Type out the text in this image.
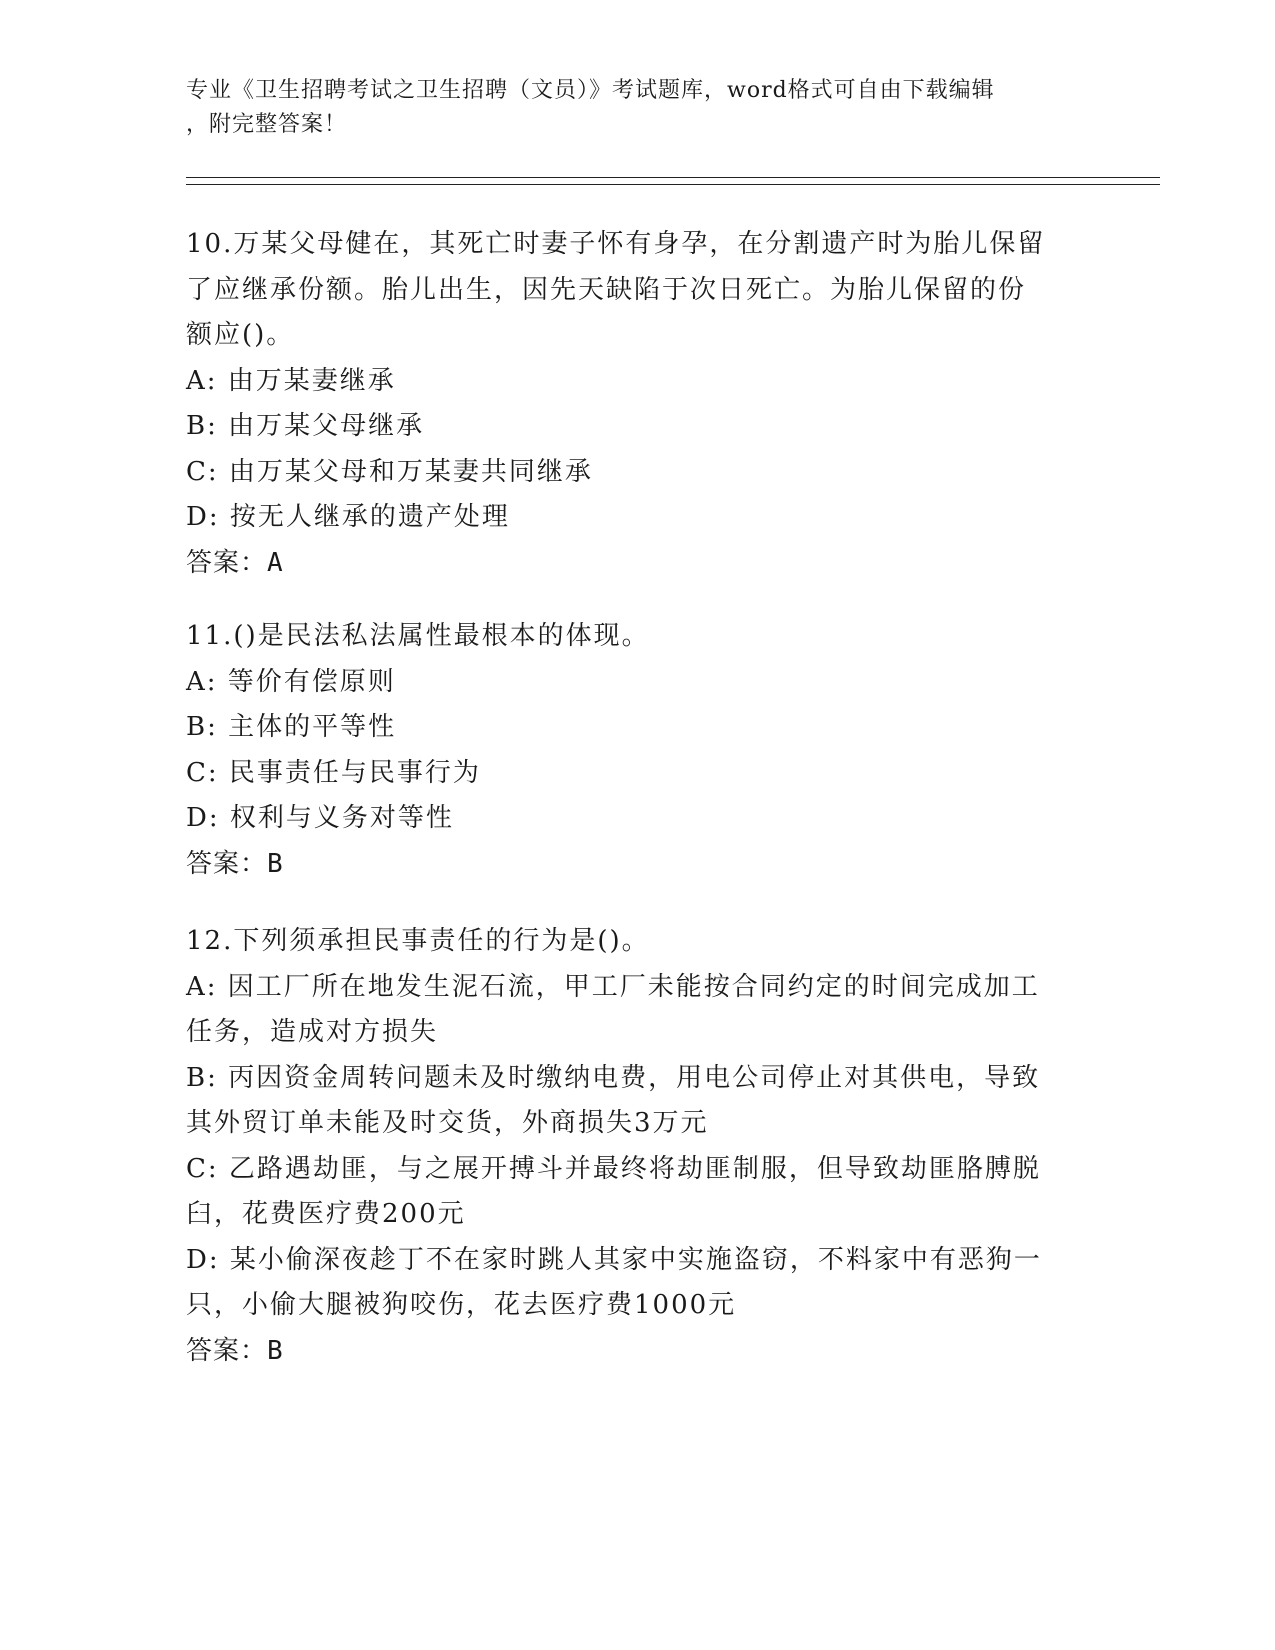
专业《卫生招聘考试之卫生招聘（文员）》考试题库，word格式可自由下载编辑
，附完整答案！
10.万某父母健在，其死亡时妻子怀有身孕，在分割遗产时为胎儿保留
了应继承份额。胎儿出生，因先天缺陷于次日死亡。为胎儿保留的份
额应()。
A: 由万某妻继承
B: 由万某父母继承
C: 由万某父母和万某妻共同继承
D: 按无人继承的遗产处理
答案：A
11.()是民法私法属性最根本的体现。
A: 等价有偿原则
B: 主体的平等性
C: 民事责任与民事行为
D: 权利与义务对等性
答案：B
12.下列须承担民事责任的行为是()。
A: 因工厂所在地发生泥石流，甲工厂未能按合同约定的时间完成加工
任务，造成对方损失
B: 丙因资金周转问题未及时缴纳电费，用电公司停止对其供电，导致
其外贸订单未能及时交货，外商损失3万元
C: 乙路遇劫匪，与之展开搏斗并最终将劫匪制服，但导致劫匪胳膊脱
臼，花费医疗费200元
D: 某小偷深夜趁丁不在家时跳人其家中实施盗窃，不料家中有恶狗一
只，小偷大腿被狗咬伤，花去医疗费1000元
答案：B
